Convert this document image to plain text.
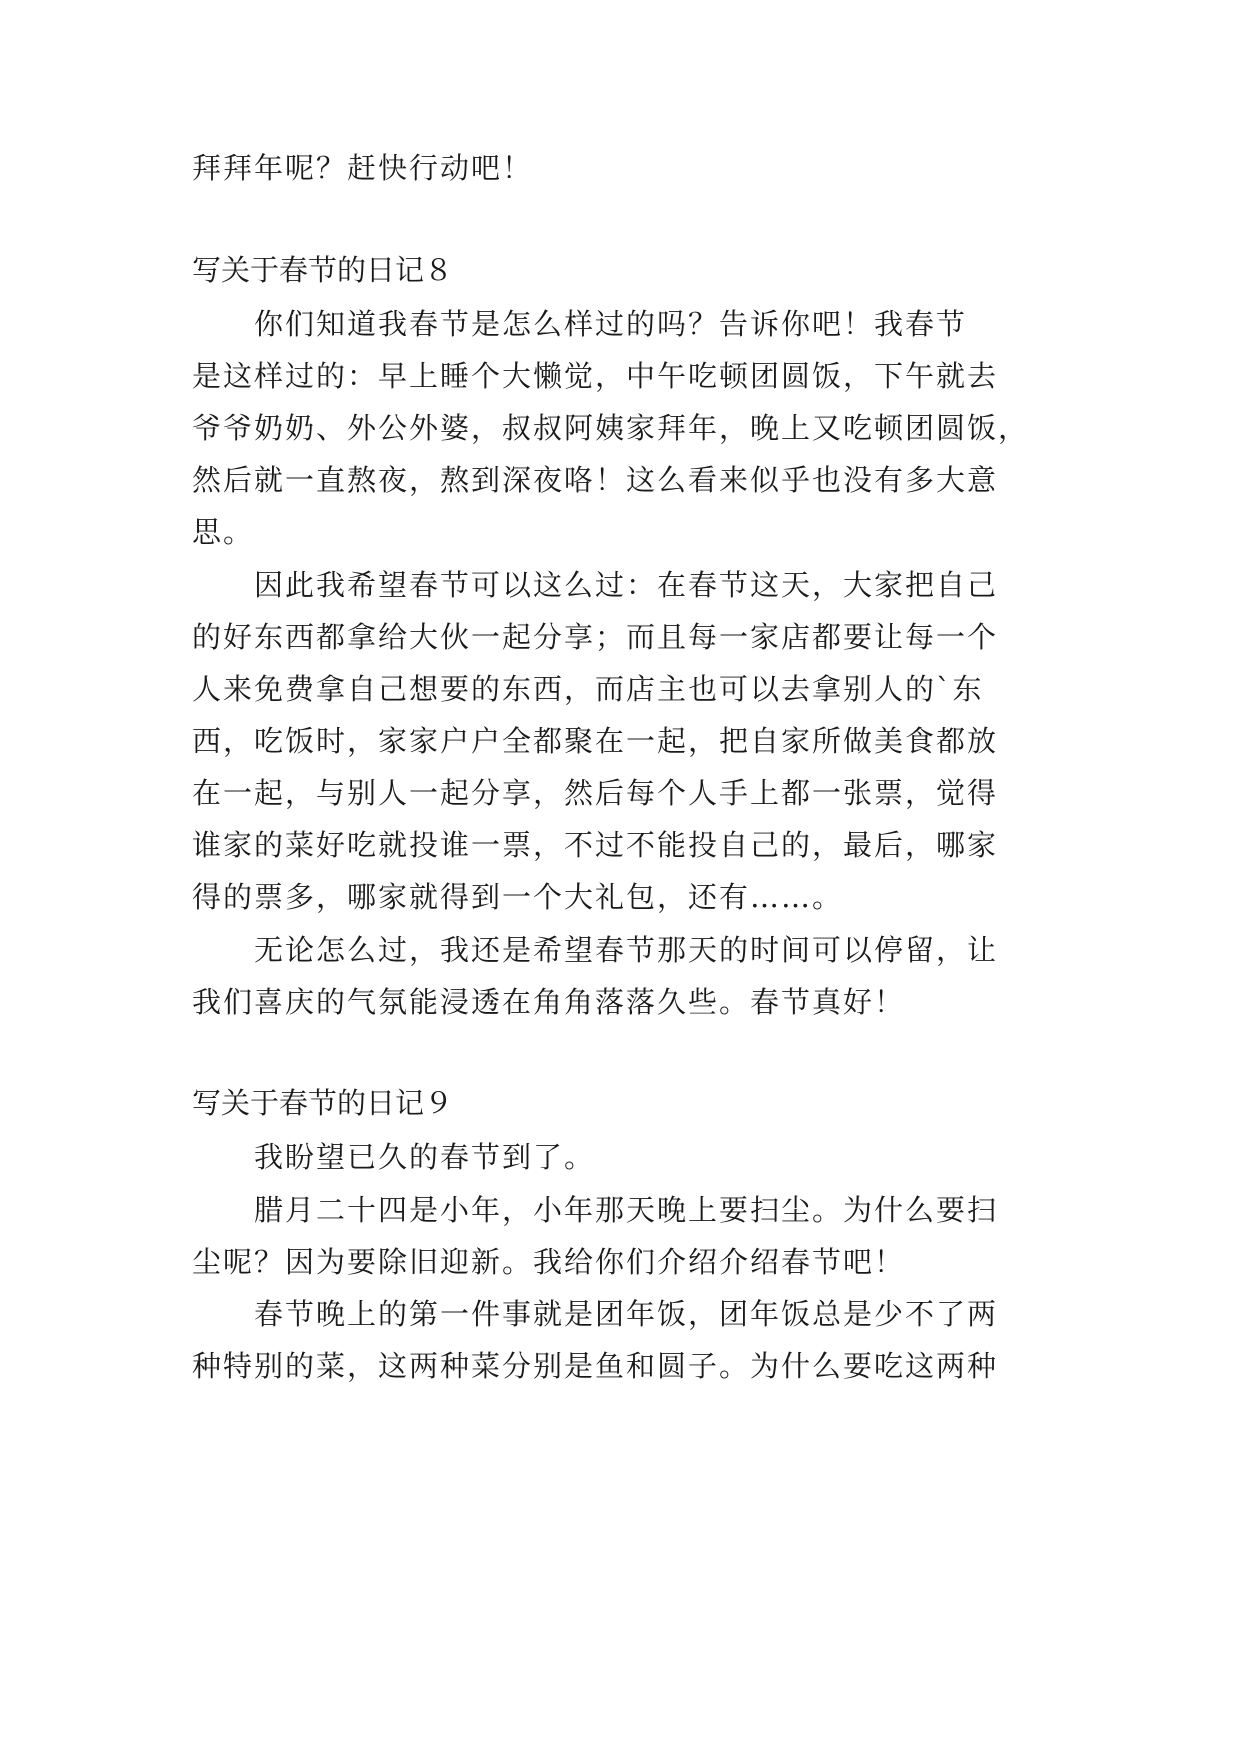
拜拜年呢？赶快行动吧！
写关于春节的日记８
　　你们知道我春节是怎么样过的吗？告诉你吧！我春节
是这样过的：早上睡个大懒觉，中午吃顿团圆饭，下午就去
爷爷奶奶、外公外婆，叔叔阿姨家拜年，晚上又吃顿团圆饭，
然后就一直熬夜，熬到深夜咯！这么看来似乎也没有多大意
思。
　　因此我希望春节可以这么过：在春节这天，大家把自己
的好东西都拿给大伙一起分享；而且每一家店都要让每一个
人来免费拿自己想要的东西，而店主也可以去拿别人的`东
西，吃饭时，家家户户全都聚在一起，把自家所做美食都放
在一起，与别人一起分享，然后每个人手上都一张票，觉得
谁家的菜好吃就投谁一票，不过不能投自己的，最后，哪家
得的票多，哪家就得到一个大礼包，还有……。
　　无论怎么过，我还是希望春节那天的时间可以停留，让
我们喜庆的气氛能浸透在角角落落久些。春节真好！
写关于春节的日记９
　　我盼望已久的春节到了。
　　腊月二十四是小年，小年那天晚上要扫尘。为什么要扫
尘呢？因为要除旧迎新。我给你们介绍介绍春节吧！
　　春节晚上的第一件事就是团年饭，团年饭总是少不了两
种特别的菜，这两种菜分别是鱼和圆子。为什么要吃这两种
